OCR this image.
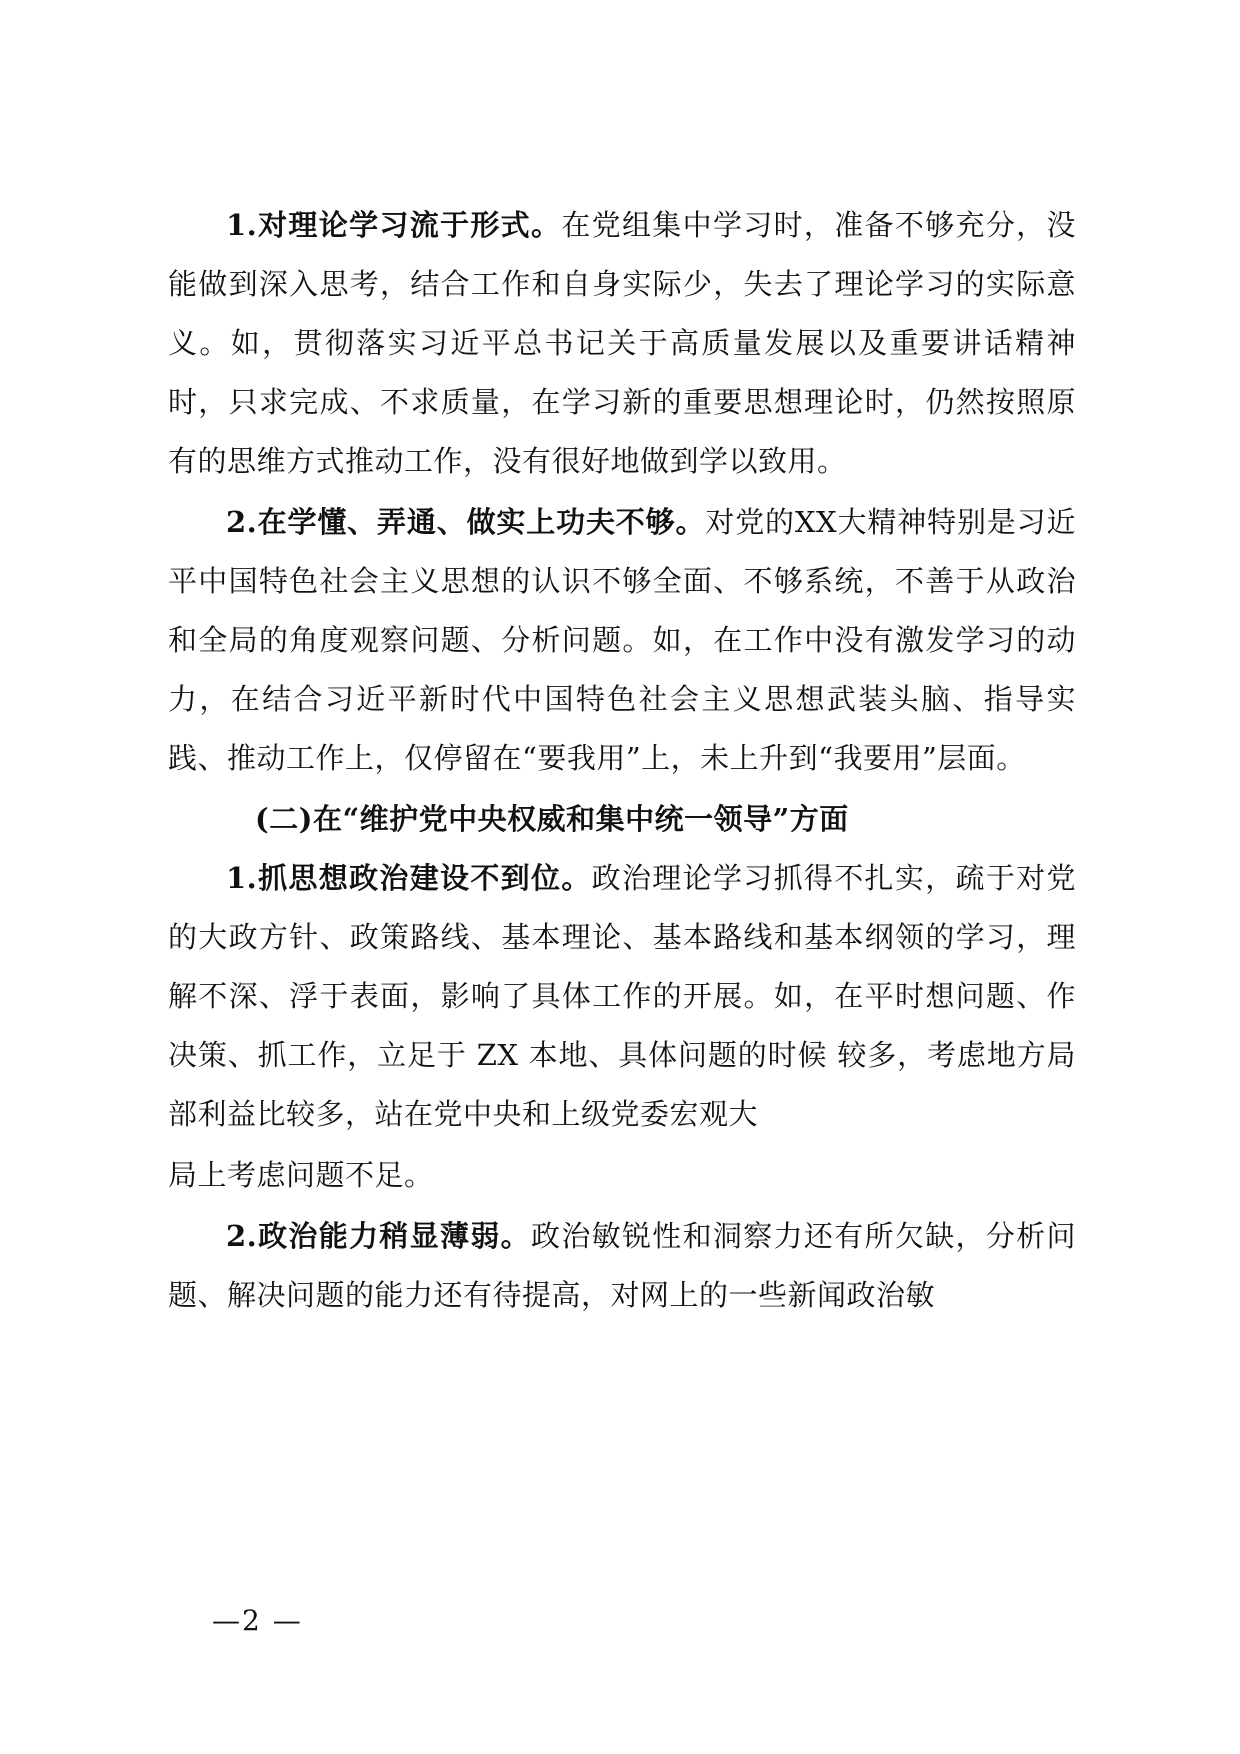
1.对理论学习流于形式。在党组集中学习时，准备不够充分，没能做到深入思考，结合工作和自身实际少，失去了理论学习的实际意义。如，贯彻落实习近平总书记关于高质量发展以及重要讲话精神时，只求完成、不求质量，在学习新的重要思想理论时，仍然按照原有的思维方式推动工作，没有很好地做到学以致用。

2.在学懂、弄通、做实上功夫不够。对党的XX大精神特别是习近平中国特色社会主义思想的认识不够全面、不够系统，不善于从政治和全局的角度观察问题、分析问题。如，在工作中没有激发学习的动力，在结合习近平新时代中国特色社会主义思想武装头脑、指导实践、推动工作上，仅停留在“要我用”上，未上升到“我要用”层面。

(二)在“维护党中央权威和集中统一领导”方面

1.抓思想政治建设不到位。政治理论学习抓得不扎实，疏于对党的大政方针、政策路线、基本理论、基本路线和基本纲领的学习，理解不深、浮于表面，影响了具体工作的开展。如，在平时想问题、作决策、抓工作，立足于 ZX 本地、具体问题的时候 较多，考虑地方局部利益比较多，站在党中央和上级党委宏观大

局上考虑问题不足。

2.政治能力稍显薄弱。政治敏锐性和洞察力还有所欠缺，分析问题、解决问题的能力还有待提高，对网上的一些新闻政治敏

—2 —
